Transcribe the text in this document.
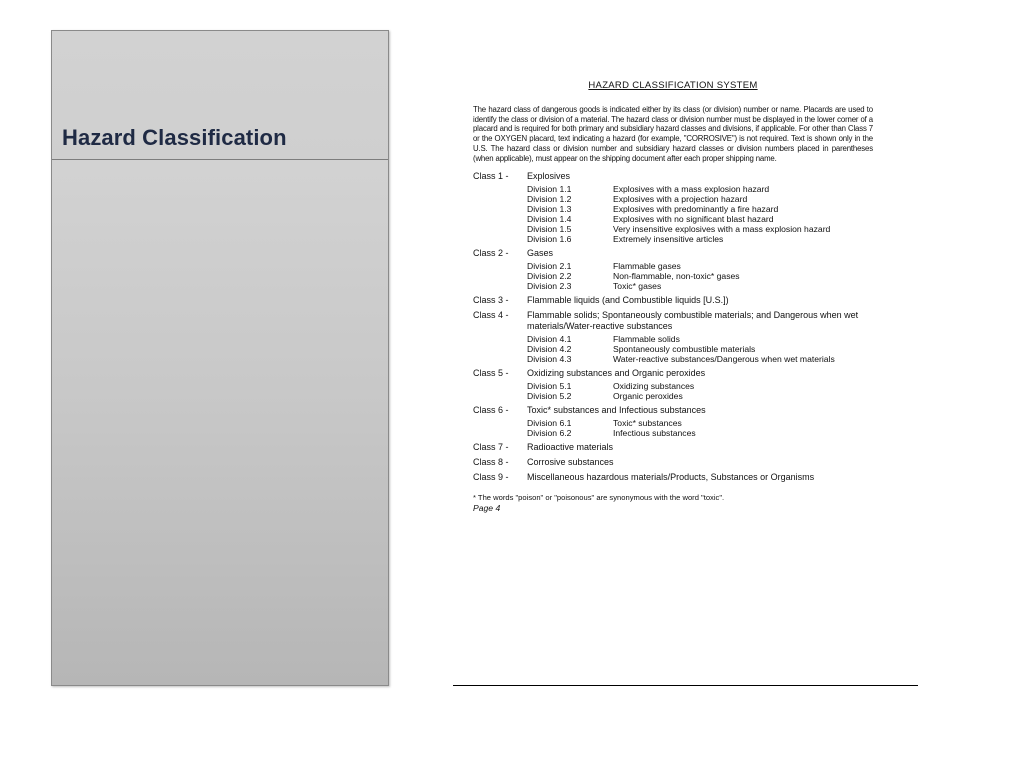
Hazard Classification
HAZARD CLASSIFICATION SYSTEM
The hazard class of dangerous goods is indicated either by its class (or division) number or name. Placards are used to identify the class or division of a material. The hazard class or division number must be displayed in the lower corner of a placard and is required for both primary and subsidiary hazard classes and divisions, if applicable. For other than Class 7 or the OXYGEN placard, text indicating a hazard (for example, "CORROSIVE") is not required. Text is shown only in the U.S. The hazard class or division number and subsidiary hazard classes or division numbers placed in parentheses (when applicable), must appear on the shipping document after each proper shipping name.
Class 1 -	Explosives
Division 1.1	Explosives with a mass explosion hazard
Division 1.2	Explosives with a projection hazard
Division 1.3	Explosives with predominantly a fire hazard
Division 1.4	Explosives with no significant blast hazard
Division 1.5	Very insensitive explosives with a mass explosion hazard
Division 1.6	Extremely insensitive articles
Class 2 -	Gases
Division 2.1	Flammable gases
Division 2.2	Non-flammable, non-toxic* gases
Division 2.3	Toxic* gases
Class 3 -	Flammable liquids (and Combustible liquids [U.S.])
Class 4 -	Flammable solids; Spontaneously combustible materials; and Dangerous when wet materials/Water-reactive substances
Division 4.1	Flammable solids
Division 4.2	Spontaneously combustible materials
Division 4.3	Water-reactive substances/Dangerous when wet materials
Class 5 -	Oxidizing substances and Organic peroxides
Division 5.1	Oxidizing substances
Division 5.2	Organic peroxides
Class 6 -	Toxic* substances and Infectious substances
Division 6.1	Toxic* substances
Division 6.2	Infectious substances
Class 7 -	Radioactive materials
Class 8 -	Corrosive substances
Class 9 -	Miscellaneous hazardous materials/Products, Substances or Organisms
* The words "poison" or "poisonous" are synonymous with the word "toxic".
Page 4
